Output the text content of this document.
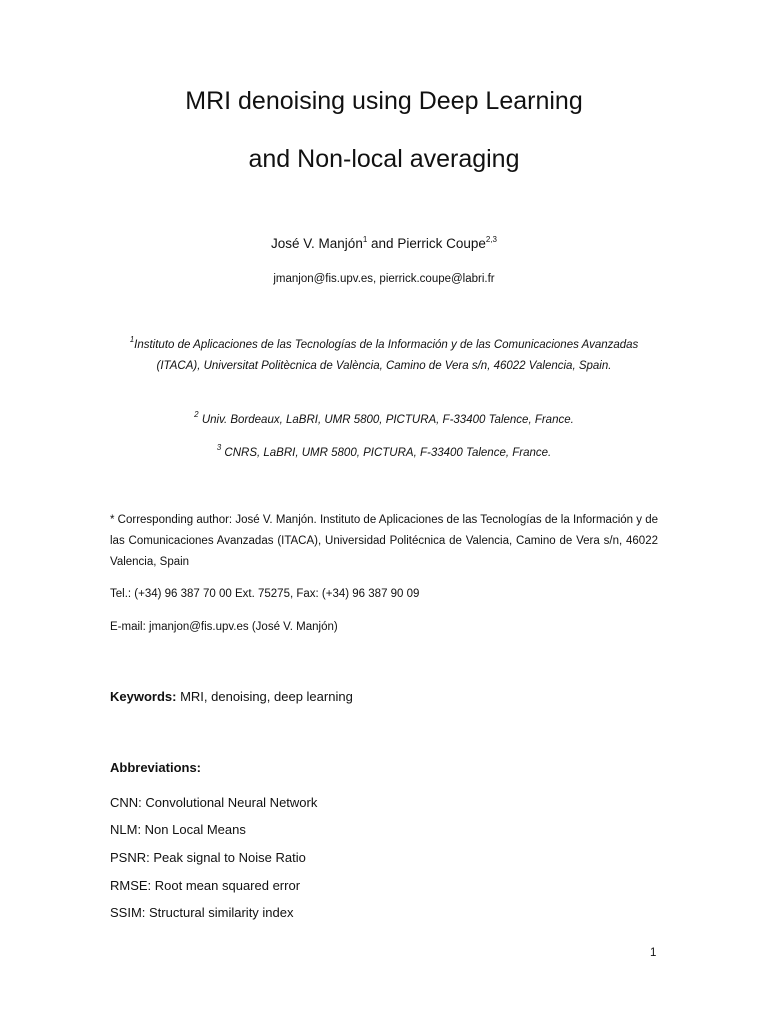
MRI denoising using Deep Learning
and Non-local averaging
José V. Manjón$^1$ and Pierrick Coupe$^{2,3}$
jmanjon@fis.upv.es, pierrick.coupe@labri.fr
$^1$Instituto de Aplicaciones de las Tecnologías de la Información y de las Comunicaciones Avanzadas (ITACA), Universitat Politècnica de València, Camino de Vera s/n, 46022 Valencia, Spain.
$^2$ Univ. Bordeaux, LaBRI, UMR 5800, PICTURA, F-33400 Talence, France.
$^3$ CNRS, LaBRI, UMR 5800, PICTURA, F-33400 Talence, France.
* Corresponding author: José V. Manjón. Instituto de Aplicaciones de las Tecnologías de la Información y de las Comunicaciones Avanzadas (ITACA), Universidad Politécnica de Valencia, Camino de Vera s/n, 46022 Valencia, Spain
Tel.: (+34) 96 387 70 00 Ext. 75275, Fax: (+34) 96 387 90 09
E-mail: jmanjon@fis.upv.es (José V. Manjón)
Keywords: MRI, denoising, deep learning
Abbreviations:
CNN: Convolutional Neural Network
NLM: Non Local Means
PSNR: Peak signal to Noise Ratio
RMSE: Root mean squared error
SSIM: Structural similarity index
1
